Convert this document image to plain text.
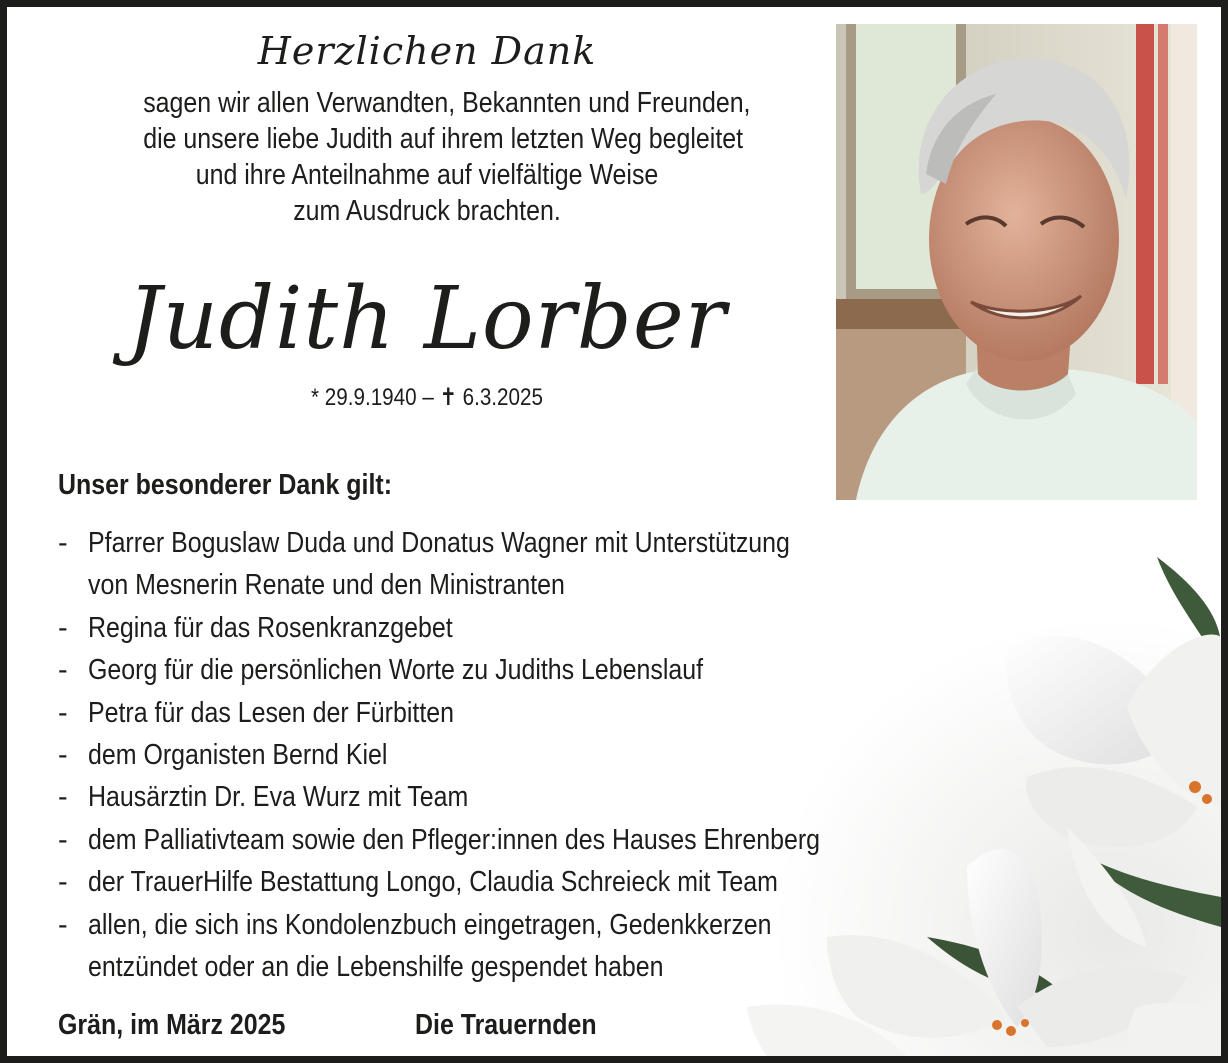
Herzlichen Dank
sagen wir allen Verwandten, Bekannten und Freunden,
die unsere liebe Judith auf ihrem letzten Weg begleitet
und ihre Anteilnahme auf vielfältige Weise
zum Ausdruck brachten.
Judith Lorber
* 29.9.1940 – ✝ 6.3.2025
Unser besonderer Dank gilt:
- Pfarrer Boguslaw Duda und Donatus Wagner mit Unterstützung
von Mesnerin Renate und den Ministranten
- Regina für das Rosenkranzgebet
- Georg für die persönlichen Worte zu Judiths Lebenslauf
- Petra für das Lesen der Fürbitten
- dem Organisten Bernd Kiel
- Hausärztin Dr. Eva Wurz mit Team
- dem Palliativteam sowie den Pfleger:innen des Hauses Ehrenberg
- der TrauerHilfe Bestattung Longo, Claudia Schreieck mit Team
- allen, die sich ins Kondolenzbuch eingetragen, Gedenkkerzen
entzündet oder an die Lebenshilfe gespendet haben
Grän, im März 2025	Die Trauernden
